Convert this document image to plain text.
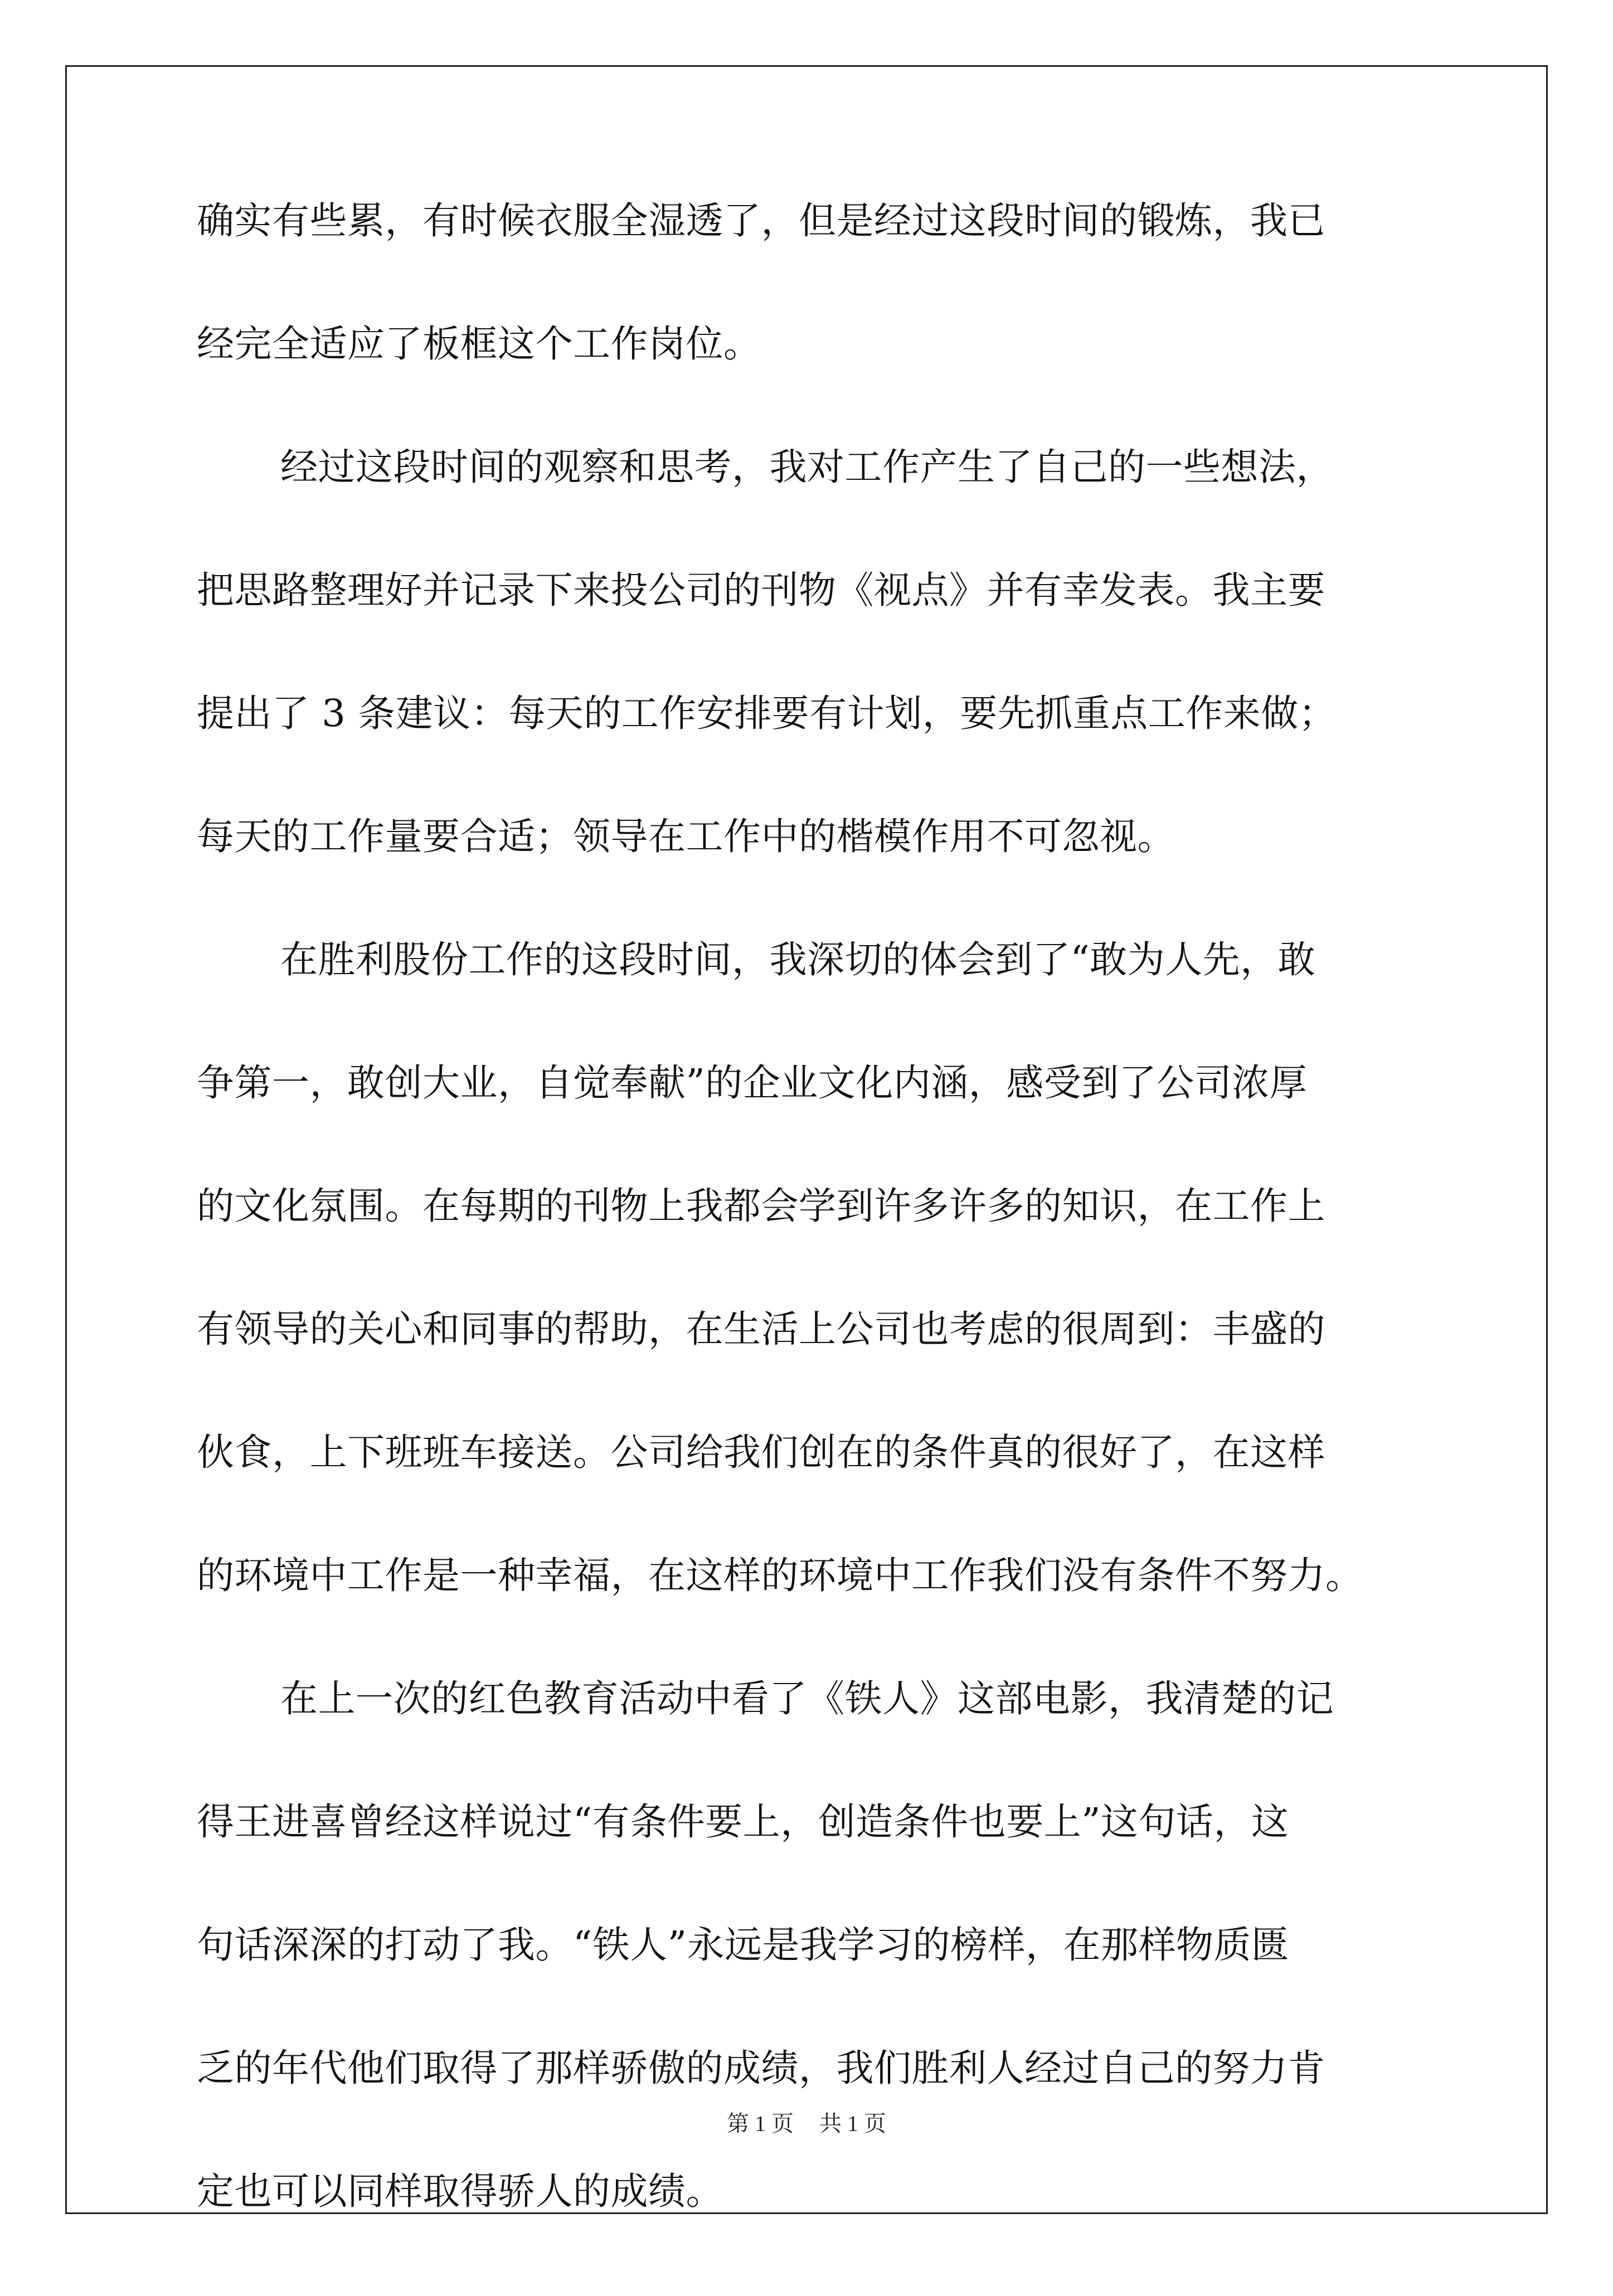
确实有些累，有时候衣服全湿透了，但是经过这段时间的锻炼，我已
经完全适应了板框这个工作岗位。
经过这段时间的观察和思考，我对工作产生了自己的一些想法，
把思路整理好并记录下来投公司的刊物《视点》并有幸发表。我主要
提出了 3 条建议：每天的工作安排要有计划，要先抓重点工作来做；
每天的工作量要合适；领导在工作中的楷模作用不可忽视。
在胜利股份工作的这段时间，我深切的体会到了“敢为人先，敢
争第一，敢创大业，自觉奉献”的企业文化内涵，感受到了公司浓厚
的文化氛围。在每期的刊物上我都会学到许多许多的知识，在工作上
有领导的关心和同事的帮助，在生活上公司也考虑的很周到：丰盛的
伙食，上下班班车接送。公司给我们创在的条件真的很好了，在这样
的环境中工作是一种幸福，在这样的环境中工作我们没有条件不努力。
在上一次的红色教育活动中看了《铁人》这部电影，我清楚的记
得王进喜曾经这样说过“有条件要上，创造条件也要上”这句话，这
句话深深的打动了我。“铁人”永远是我学习的榜样，在那样物质匮
乏的年代他们取得了那样骄傲的成绩，我们胜利人经过自己的努力肯
定也可以同样取得骄人的成绩。
第 1 页 共 1 页
